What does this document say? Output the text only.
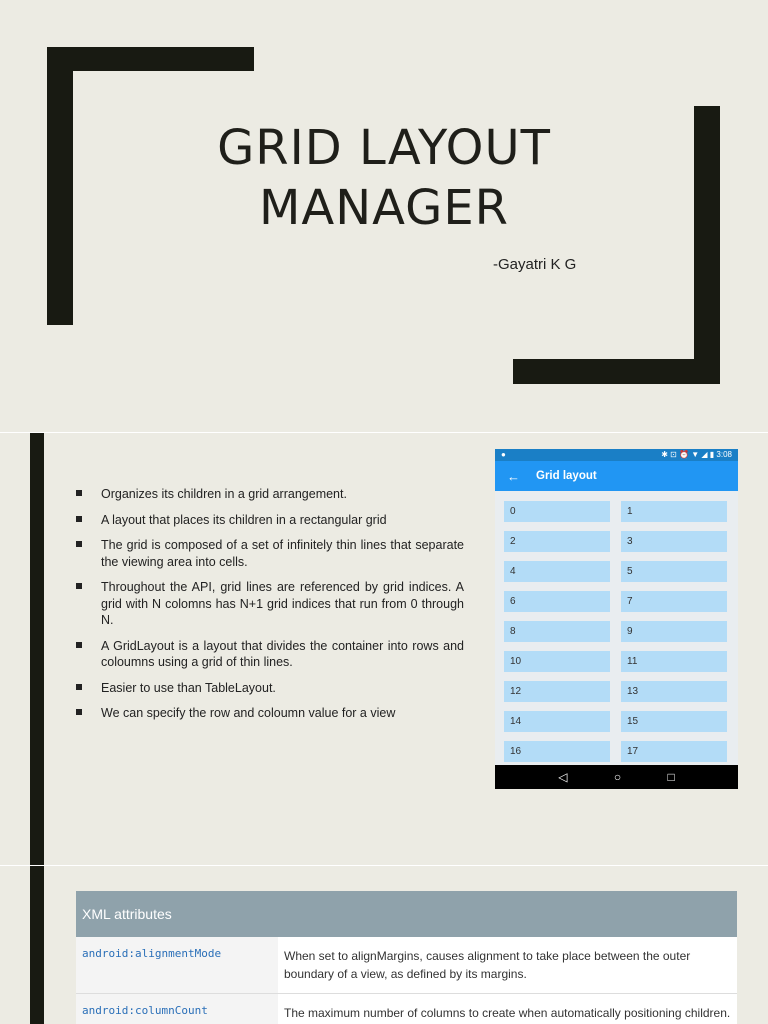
GRID LAYOUT
MANAGER
-Gayatri K G
Organizes its children in a grid arrangement.
A layout that places its children in a rectangular grid
The grid is composed of a set of infinitely thin lines that separate the viewing area into cells.
Throughout the API, grid lines are referenced by grid indices. A grid with N colomns has N+1 grid indices that run from 0 through N.
A GridLayout is a layout that divides the container into rows and coloumns using a grid of thin lines.
Easier to use than TableLayout.
We can specify the row and coloumn value for a view
●	✱ ⊡ ⏰ ▼ ◢ ▮ 3:08
← Grid layout
0	1
2	3
4	5
6	7
8	9
10	11
12	13
14	15
16	17
◁	○	□
XML attributes
android:alignmentMode	When set to alignMargins, causes alignment to take place between the outer boundary of a view, as defined by its margins.
android:columnCount	The maximum number of columns to create when automatically positioning children.
